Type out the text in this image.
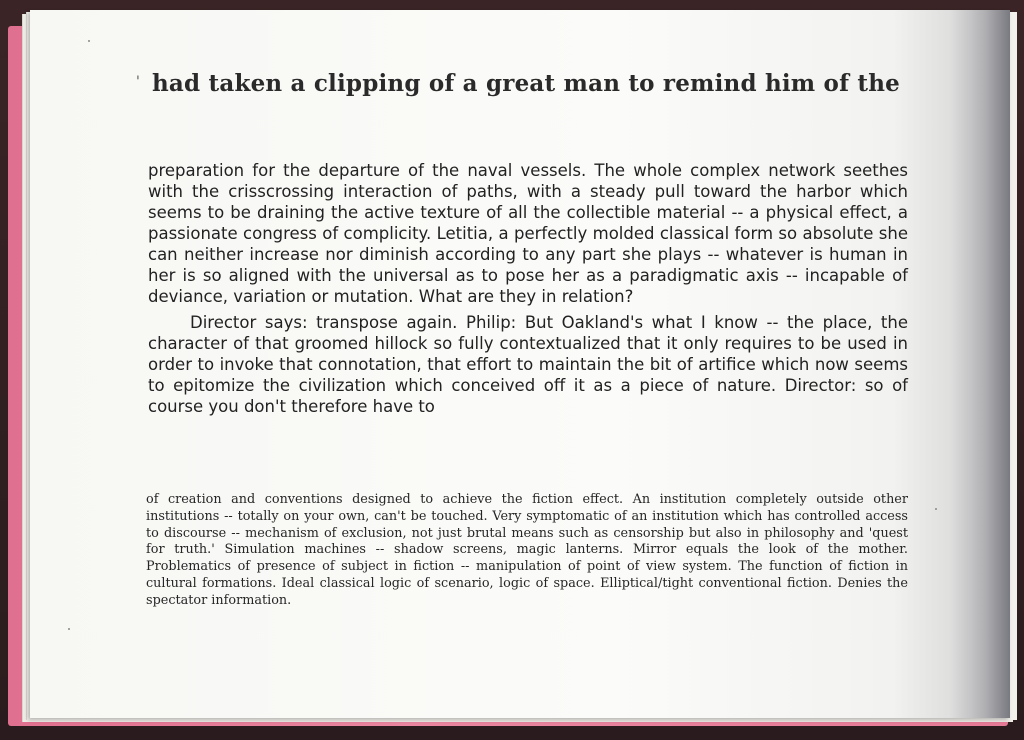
' had taken a clipping of a great man to remind him of the

preparation for the departure of the naval vessels. The whole complex network seethes with the crisscrossing interaction of paths, with a steady pull toward the harbor which seems to be draining the active texture of all the collectible material -- a physical effect, a passionate congress of complicity. Letitia, a perfectly molded classical form so absolute she can neither increase nor diminish according to any part she plays -- whatever is human in her is so aligned with the universal as to pose her as a paradigmatic axis -- incapable of deviance, variation or mutation. What are they in relation?

Director says: transpose again. Philip: But Oakland's what I know -- the place, the character of that groomed hillock so fully contextualized that it only requires to be used in order to invoke that connotation, that effort to maintain the bit of artifice which now seems to epitomize the civilization which conceived off it as a piece of nature. Director: so of course you don't therefore have to

of creation and conventions designed to achieve the fiction effect. An institution completely outside other institutions -- totally on your own, can't be touched. Very symptomatic of an institution which has controlled access to discourse -- mechanism of exclusion, not just brutal means such as censorship but also in philosophy and 'quest for truth.' Simulation machines -- shadow screens, magic lanterns. Mirror equals the look of the mother. Problematics of presence of subject in fiction -- manipulation of point of view system. The function of fiction in cultural formations. Ideal classical logic of scenario, logic of space. Elliptical/tight conventional fiction. Denies the spectator information.
